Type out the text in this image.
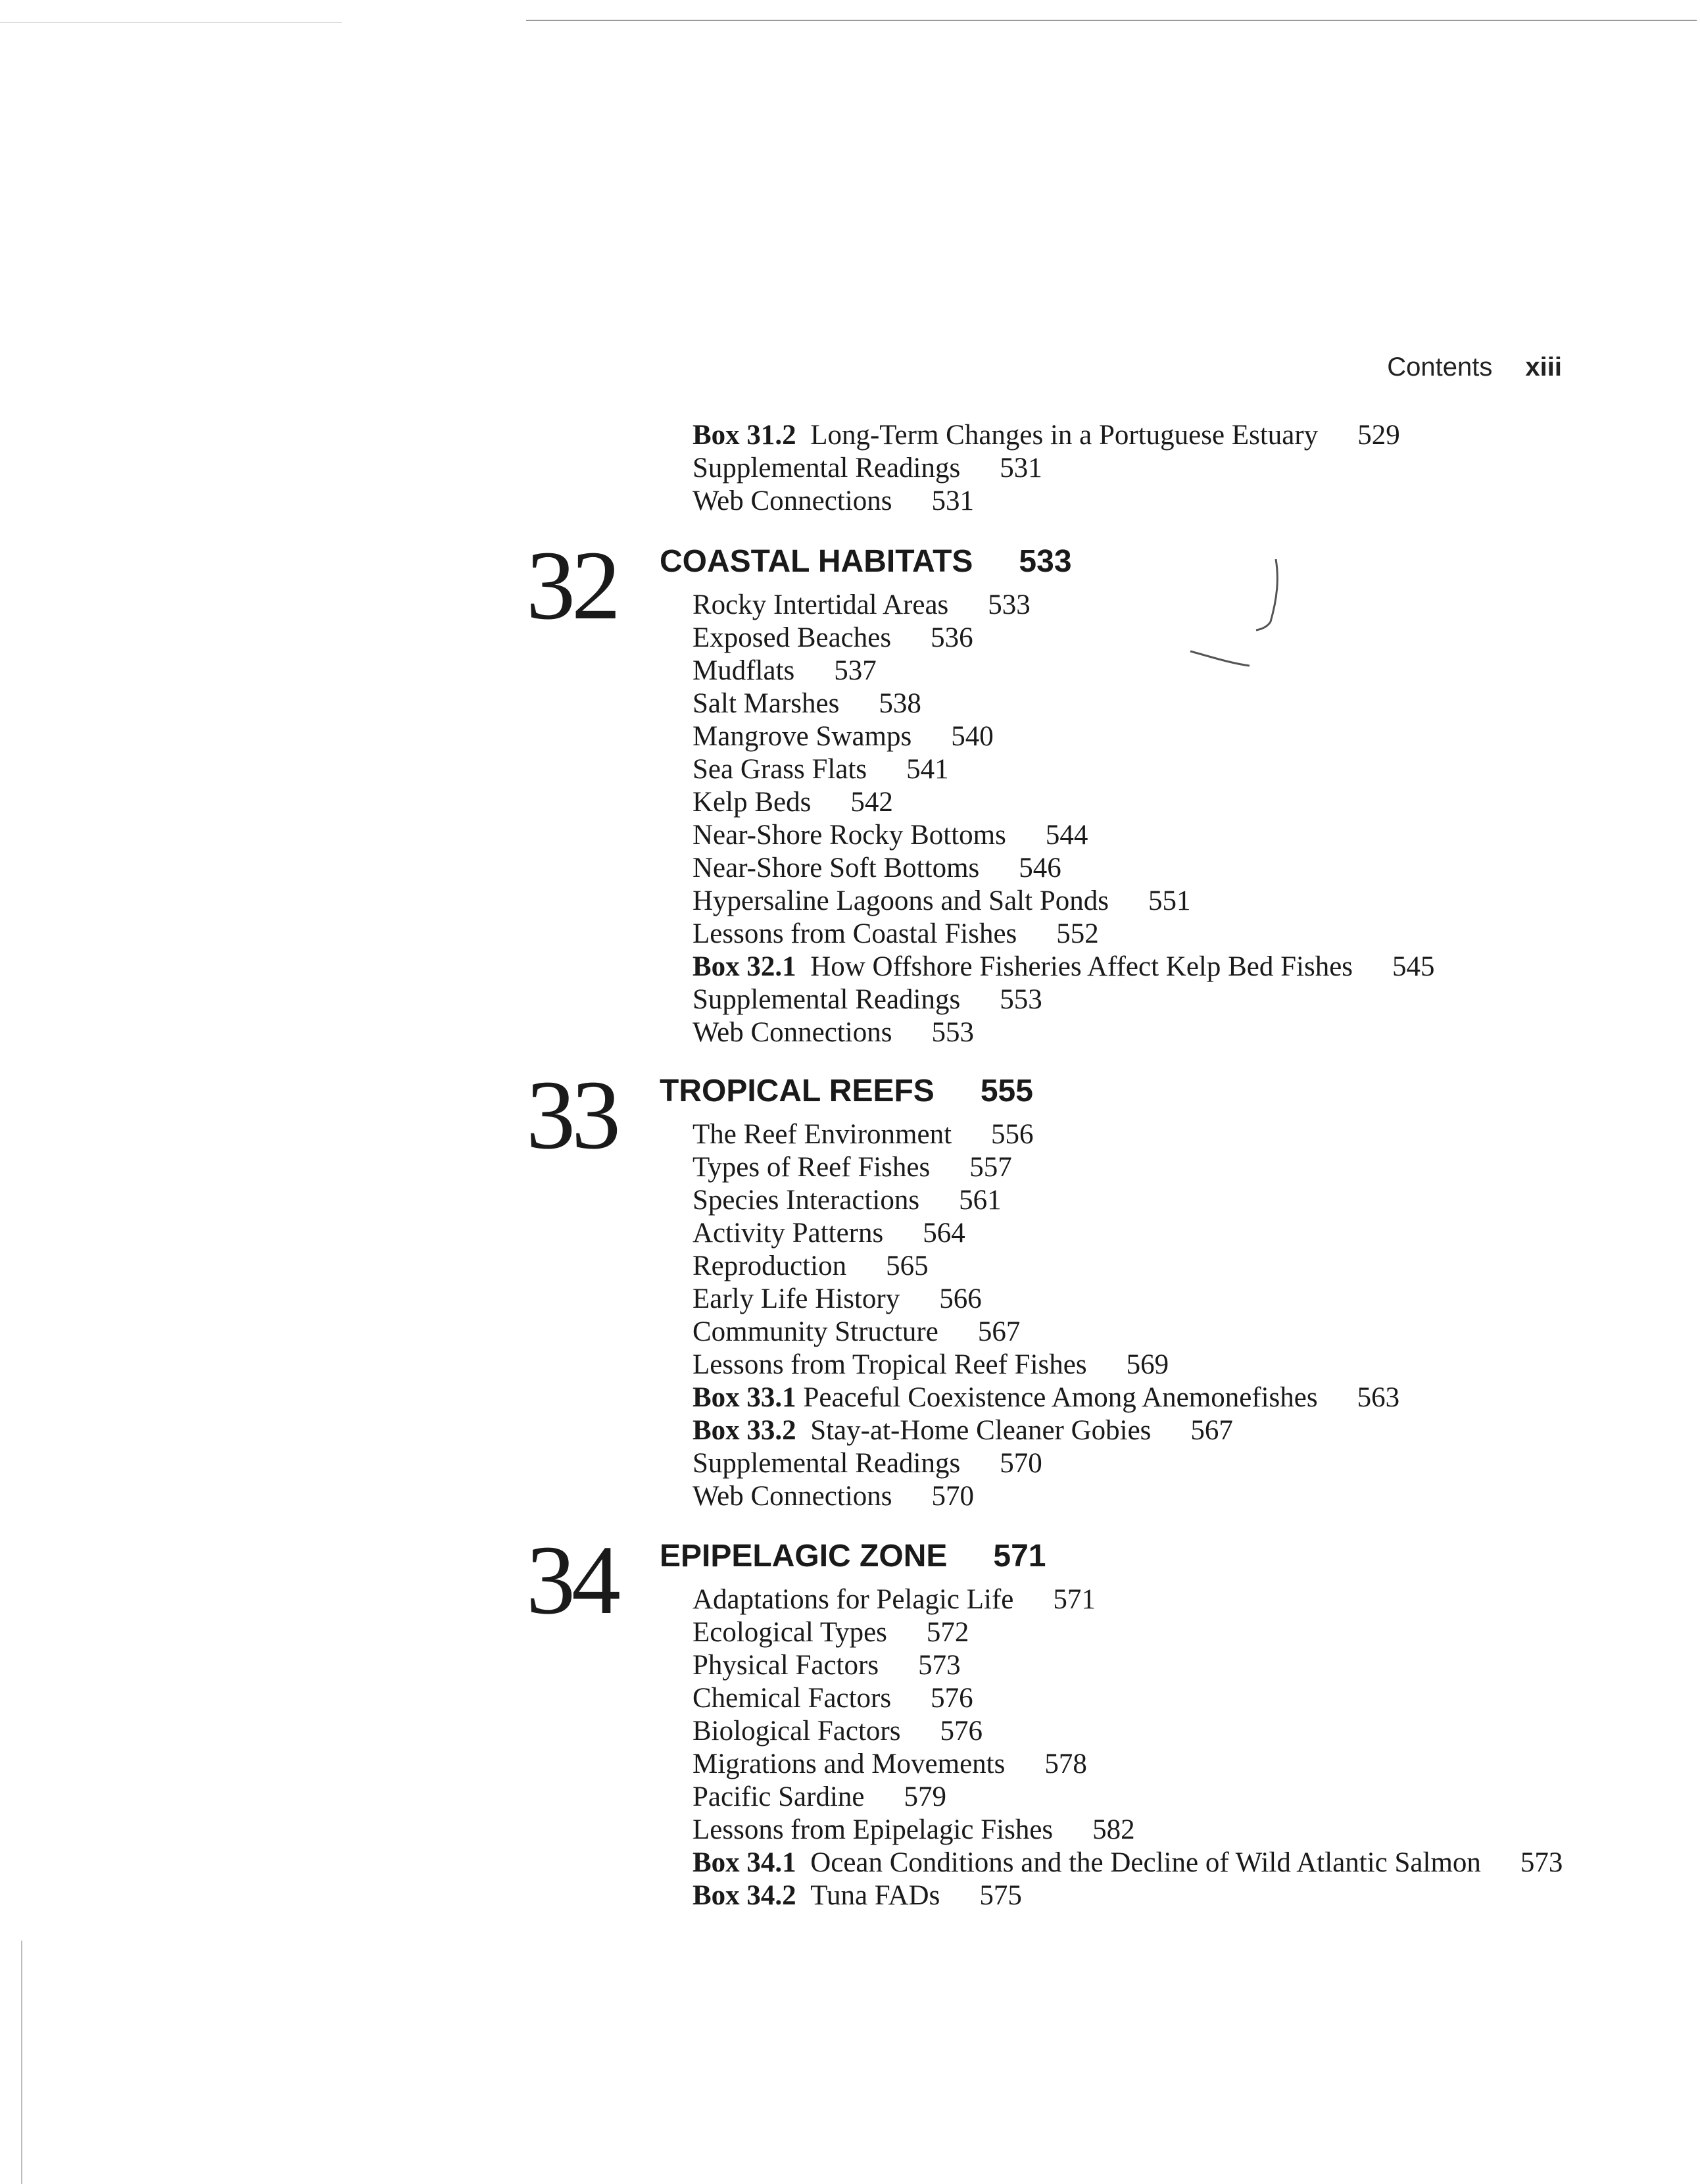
Contents xiii
Box 31.2 Long-Term Changes in a Portuguese Estuary 529
Supplemental Readings 531
Web Connections 531
32 COASTAL HABITATS 533
Rocky Intertidal Areas 533
Exposed Beaches 536
Mudflats 537
Salt Marshes 538
Mangrove Swamps 540
Sea Grass Flats 541
Kelp Beds 542
Near-Shore Rocky Bottoms 544
Near-Shore Soft Bottoms 546
Hypersaline Lagoons and Salt Ponds 551
Lessons from Coastal Fishes 552
Box 32.1 How Offshore Fisheries Affect Kelp Bed Fishes 545
Supplemental Readings 553
Web Connections 553
33 TROPICAL REEFS 555
The Reef Environment 556
Types of Reef Fishes 557
Species Interactions 561
Activity Patterns 564
Reproduction 565
Early Life History 566
Community Structure 567
Lessons from Tropical Reef Fishes 569
Box 33.1 Peaceful Coexistence Among Anemonefishes 563
Box 33.2 Stay-at-Home Cleaner Gobies 567
Supplemental Readings 570
Web Connections 570
34 EPIPELAGIC ZONE 571
Adaptations for Pelagic Life 571
Ecological Types 572
Physical Factors 573
Chemical Factors 576
Biological Factors 576
Migrations and Movements 578
Pacific Sardine 579
Lessons from Epipelagic Fishes 582
Box 34.1 Ocean Conditions and the Decline of Wild Atlantic Salmon 573
Box 34.2 Tuna FADs 575
